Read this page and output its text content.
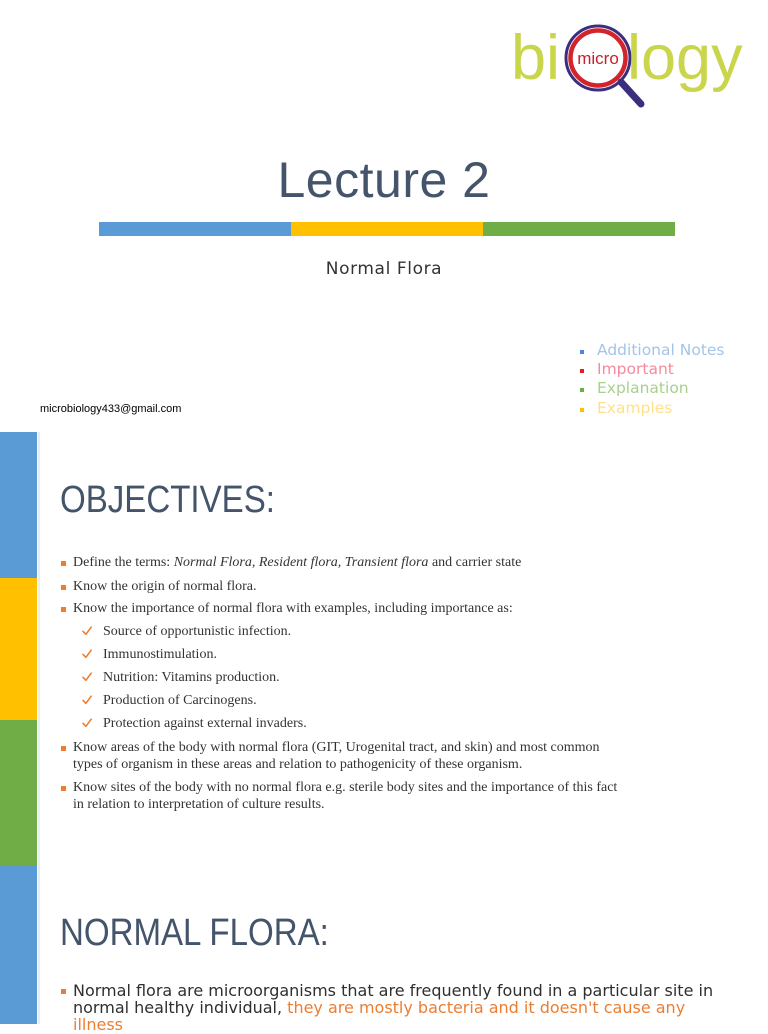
bi micro logy
Lecture 2
Normal Flora
Additional Notes
Important
Explanation
Examples
microbiology433@gmail.com
OBJECTIVES:
Define the terms: Normal Flora, Resident flora, Transient flora and carrier state
Know the origin of normal flora.
Know the importance of normal flora with examples, including importance as:
Source of opportunistic infection.
Immunostimulation.
Nutrition: Vitamins production.
Production of Carcinogens.
Protection against external invaders.
Know areas of the body with normal flora (GIT, Urogenital tract, and skin) and most common
types of organism in these areas and relation to pathogenicity of these organism.
Know sites of the body with no normal flora e.g. sterile body sites and the importance of this fact
in relation to interpretation of culture results.
NORMAL FLORA:
Normal flora are microorganisms that are frequently found in a particular site in
normal healthy individual, they are mostly bacteria and it doesn't cause any
illness
